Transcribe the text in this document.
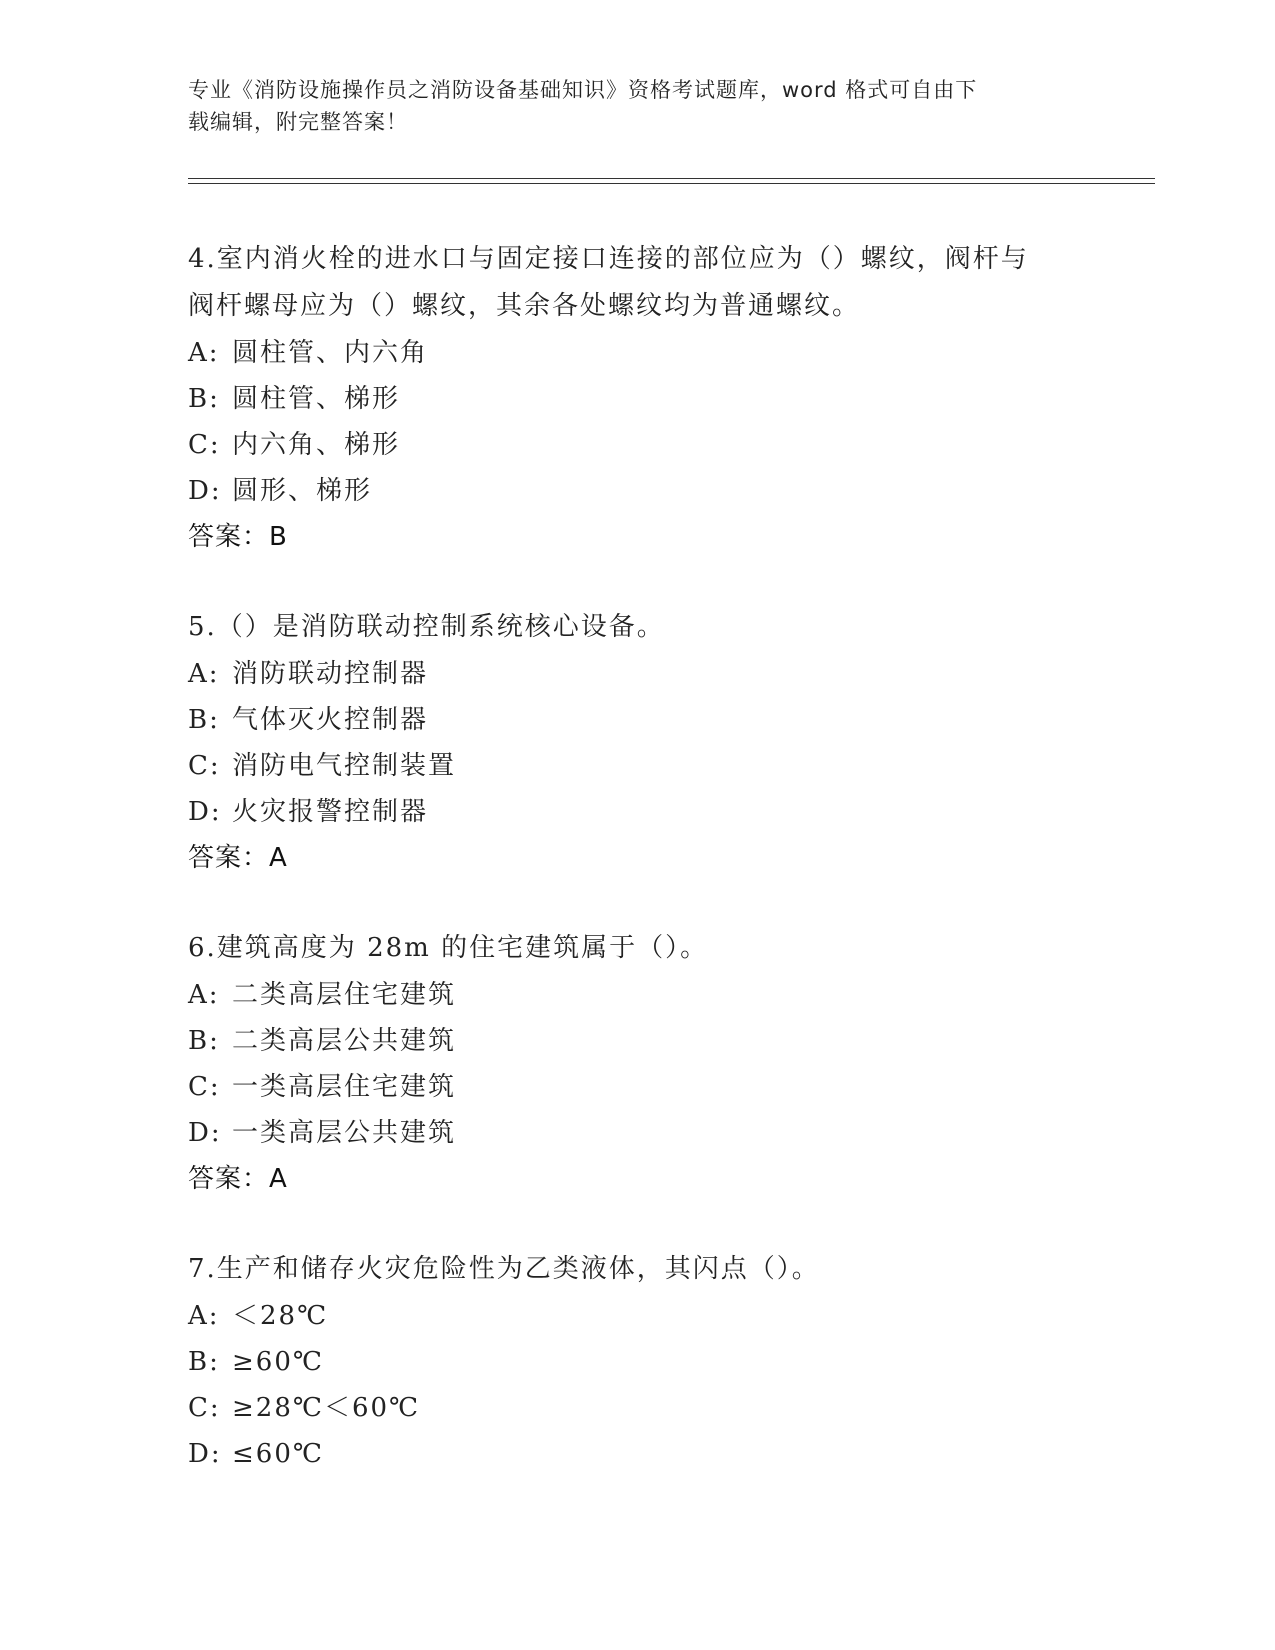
专业《消防设施操作员之消防设备基础知识》资格考试题库，word 格式可自由下
载编辑，附完整答案！
4.室内消火栓的进水口与固定接口连接的部位应为（）螺纹，阀杆与
阀杆螺母应为（）螺纹，其余各处螺纹均为普通螺纹。
A: 圆柱管、内六角
B: 圆柱管、梯形
C: 内六角、梯形
D: 圆形、梯形
答案：B
5.（）是消防联动控制系统核心设备。
A: 消防联动控制器
B: 气体灭火控制器
C: 消防电气控制装置
D: 火灾报警控制器
答案：A
6.建筑高度为 28m 的住宅建筑属于（）。
A: 二类高层住宅建筑
B: 二类高层公共建筑
C: 一类高层住宅建筑
D: 一类高层公共建筑
答案：A
7.生产和储存火灾危险性为乙类液体，其闪点（）。
A: ＜28℃
B: ≥60℃
C: ≥28℃＜60℃
D: ≤60℃
